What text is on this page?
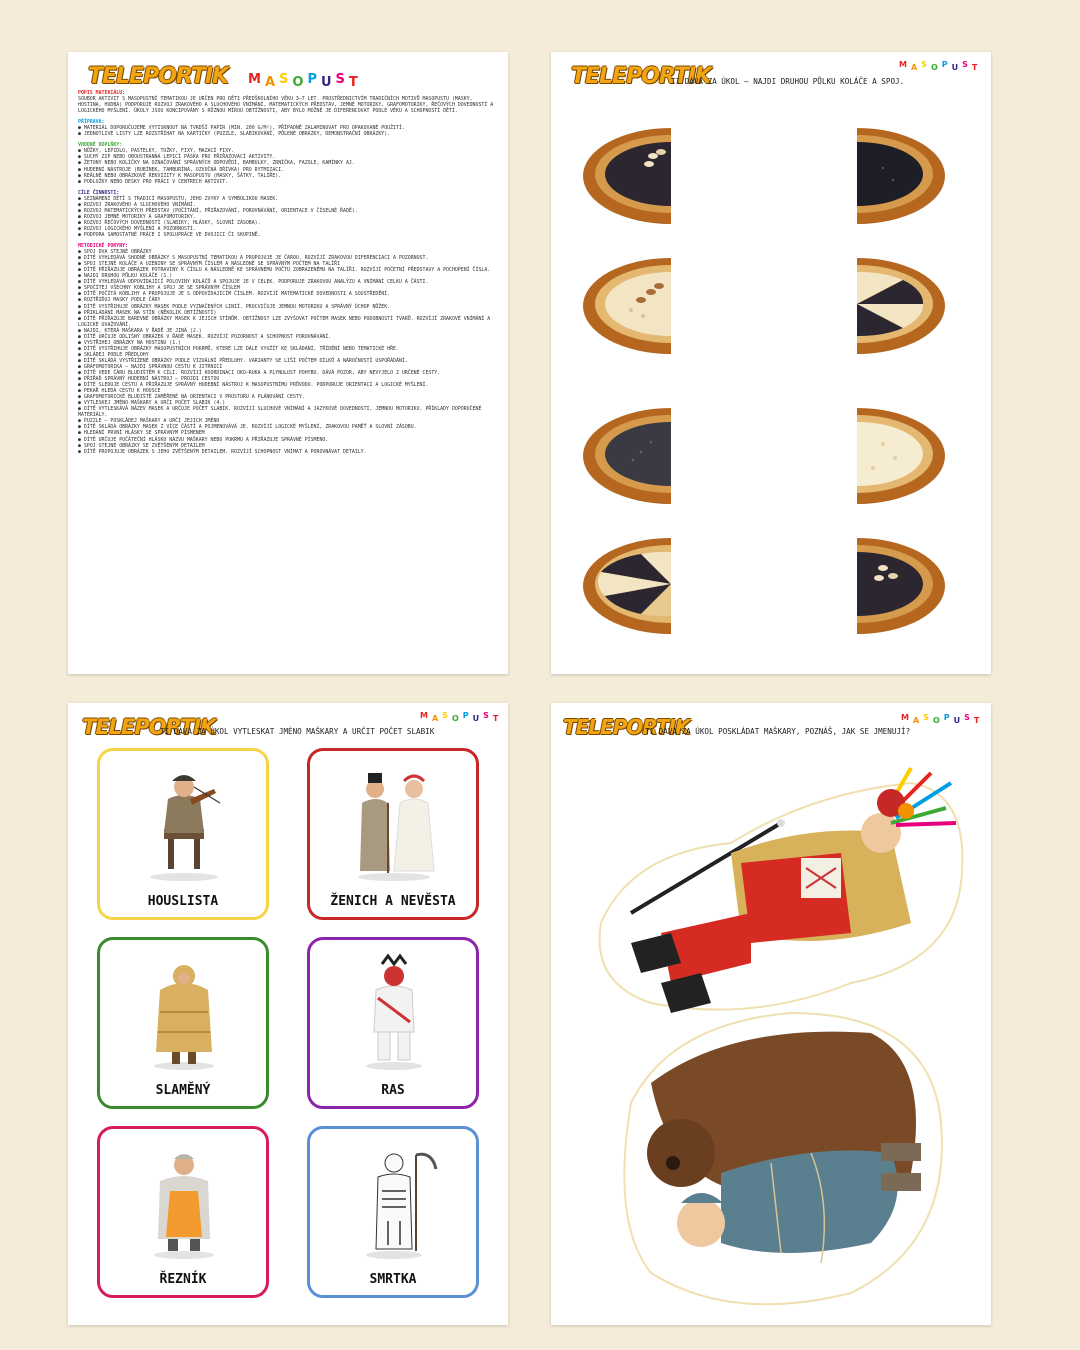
TELEPORTIK MASOPUST

POPIS MATERIÁLU:

SOUBOR AKTIVIT S MASOPUSTNÍ TEMATIKOU JE URČEN PRO DĚTI PŘEDŠKOLNÍHO VĚKU 3–7 LET. PROSTŘEDNICTVÍM TRADIČNÍCH MOTIVŮ MASOPUSTU (MASKY, HOSTINA, HUDBA) PODPORUJE ROZVOJ ZRAKOVÉHO A SLUCHOVÉHO VNÍMÁNÍ, MATEMATICKÝCH PŘEDSTAV, JEMNÉ MOTORIKY, GRAFOMOTORIKY, ŘEČOVÝCH DOVEDNOSTÍ A LOGICKÉHO MYŠLENÍ. ÚKOLY JSOU KONCIPOVÁNY S RŮZNOU MÍROU OBTÍŽNOSTI, ABY BYLO MOŽNÉ JE DIFERENCOVAT PODLE VĚKU A SCHOPNOSTÍ DĚTÍ.

PŘÍPRAVA:

● MATERIÁL DOPORUČUJEME VYTISKNOUT NA TVRDŠÍ PAPÍR (MIN. 200 G/M²), PŘÍPADNĚ ZALAMINOVAT PRO OPAKOVANÉ POUŽITÍ.

● JEDNOTLIVÉ LISTY LZE ROZSTŘÍHAT NA KARTIČKY (PUZZLE, SLABIKOVÁNÍ, PŮLENÉ OBRÁZKY, DEMONSTRAČNÍ OBRÁZKY).

VHODNÉ DOPLŇKY:

● NŮŽKY, LEPIDLO, PASTELKY, TUŽKY, FIXY, MAZACÍ FIXY.

● SUCHÝ ZIP NEBO OBOUSTRANNÁ LEPICÍ PÁSKA PRO PŘIŘAZOVACÍ AKTIVITY.

● ŽETONY NEBO KOLÍČKY NA OZNAČOVÁNÍ SPRÁVNÝCH ODPOVĚDÍ, BAMBULKY, ZRNÍČKA, FAZOLE, KAMÍNKY AJ.

● HUDEBNÍ NÁSTROJE (BUBÍNEK, TAMBURÍNA, OZVUČNÁ DŘÍVKA) PRO RYTMIZACI.

● REÁLNÉ NEBO OBRÁZKOVÉ REKVIZITY K MASOPUSTU (MASKY, ŠÁTKY, TALÍŘE).

● PODLOŽKY NEBO DESKY PRO PRÁCI V CENTRECH AKTIVIT.

CÍLE ČINNOSTI:

● SEZNÁMENÍ DĚTÍ S TRADICÍ MASOPUSTU, JEHO ZVYKY A SYMBOLIKOU MASEK.

● ROZVOJ ZRAKOVÉHO A SLUCHOVÉHO VNÍMÁNÍ.

● ROZVOJ MATEMATICKÝCH PŘEDSTAV (POČÍTÁNÍ, PŘIŘAZOVÁNÍ, POROVNÁVÁNÍ, ORIENTACE V ČÍSELNÉ ŘADĚ).

● ROZVOJ JEMNÉ MOTORIKY A GRAFOMOTORIKY.

● ROZVOJ ŘEČOVÝCH DOVEDNOSTÍ (SLABIKY, HLÁSKY, SLOVNÍ ZÁSOBA).

● ROZVOJ LOGICKÉHO MYŠLENÍ A POZORNOSTI.

● PODPORA SAMOSTATNÉ PRÁCE I SPOLUPRÁCE VE DVOJICI ČI SKUPINĚ.

METODICKÉ POKYNY:

● SPOJ DVA STEJNÉ OBRÁZKY

● DÍTĚ VYHLEDÁVÁ SHODNÉ OBRÁZKY S MASOPUSTNÍ TEMATIKOU A PROPOJUJE JE ČAROU. ROZVÍJÍ ZRAKOVOU DIFERENCIACI A POZORNOST.

● SPOJ STEJNÉ KOLÁČE A UZENINY SE SPRÁVNÝM ČÍSLEM A NÁSLEDNĚ SE SPRÁVNÝM POČTEM NA TALÍŘI

● DÍTĚ PŘIŘAZUJE OBRÁZEK POTRAVINY K ČÍSLU A NÁSLEDNĚ KE SPRÁVNÉMU POČTU ZOBRAZENÉMU NA TALÍŘI. ROZVÍJÍ POČETNÍ PŘEDSTAVY A POCHOPENÍ ČÍSLA.

● NAJDI DRUHOU PŮLKU KOLÁČE (1.)

● DÍTĚ VYHLEDÁVÁ ODPOVÍDAJÍCÍ POLOVINY KOLÁČŮ A SPOJUJE JE V CELEK. PODPORUJE ZRAKOVOU ANALÝZU A VNÍMÁNÍ CELKU A ČÁSTI.

● SPOČÍTEJ VŠECHNY KOBLIHY A SPOJ JE SE SPRÁVNÝM ČÍSLEM

● DÍTĚ POČÍTÁ KOBLIHY A PROPOJUJE JE S ODPOVÍDAJÍCÍM ČÍSLEM. ROZVÍJÍ MATEMATICKÉ DOVEDNOSTI A SOUSTŘEDĚNÍ.

● ROZTŘIĎUJ MASKY PODLE ČÁRY

● DÍTĚ VYSTŘIHUJE OBRÁZKY MASEK PODLE VYZNAČENÝCH LINIÍ. PROCVIČUJE JEMNOU MOTORIKU A SPRÁVNÝ ÚCHOP NŮŽEK.

● PŘIKLÁDÁNÍ MASEK NA STÍN (NĚKOLIK OBTÍŽNOSTÍ)

● DÍTĚ PŘIŘAZUJE BAREVNÉ OBRÁZKY MASEK K JEJICH STÍNŮM. OBTÍŽNOST LZE ZVYŠOVAT POČTEM MASEK NEBO PODOBNOSTÍ TVARŮ. ROZVÍJÍ ZRAKOVÉ VNÍMÁNÍ A LOGICKÉ UVAŽOVÁNÍ.

● NAJDI, KTERÁ MAŠKARA V ŘADĚ JE JINÁ (2.)

● DÍTĚ URČUJE ODLIŠNÝ OBRÁZEK V ŘADĚ MASEK. ROZVÍJÍ POZORNOST A SCHOPNOST POROVNÁVÁNÍ.

● VYSTŘIHEJ OBRÁZKY NA HOSTINU (1.)

● DÍTĚ VYSTŘIHUJE OBRÁZKY MASOPUSTNÍCH POKRMŮ, KTERÉ LZE DÁLE VYUŽÍT KE SKLÁDÁNÍ, TŘÍDĚNÍ NEBO TEMATICKÉ HŘE.

● SKLÁDEJ PODLE PŘEDLOHY

● DÍTĚ SKLÁDÁ VYSTŘIŽENÉ OBRÁZKY PODLE VIZUÁLNÍ PŘEDLOHY. VARIANTY SE LIŠÍ POČTEM DÍLKŮ A NÁROČNOSTÍ USPOŘÁDÁNÍ.

● GRAFOMOTORIKA – NAJDI SPRÁVNOU CESTU K JITRNICI

● DÍTĚ VEDE ČÁRU BLUDIŠTĚM K CÍLI. ROZVÍJÍ KOORDINACI OKO–RUKA A PLYNULOST POHYBU. DÁVÁ POZOR, ABY NEVYJELO Z URČENÉ CESTY.

● PŘIŘAĎ SPRÁVNÝ HUDEBNÍ NÁSTROJ – PROJDI CESTOU

● DÍTĚ SLEDUJE CESTU A PŘIŘAZUJE SPRÁVNÝ HUDEBNÍ NÁSTROJ K MASOPUSTNÍMU PRŮVODU. PODPORUJE ORIENTACI A LOGICKÉ MYŠLENÍ.

● PEKAŘ HLEDÁ CESTU K HOUSCE

● GRAFOMOTORICKÉ BLUDIŠTĚ ZAMĚŘENÉ NA ORIENTACI V PROSTORU A PLÁNOVÁNÍ CESTY.

● VYTLESKEJ JMÉNO MAŠKARY A URČI POČET SLABIK (4.)

● DÍTĚ VYTLESKÁVÁ NÁZEV MASEK A URČUJE POČET SLABIK. ROZVÍJÍ SLUCHOVÉ VNÍMÁNÍ A JAZYKOVÉ DOVEDNOSTI, JEMNOU MOTORIKU. PŘÍKLADY DOPORUČENÉ MATERIÁLY.

● PUZZLE – POSKLÁDEJ MAŠKARY A URČI JEJICH JMÉNO

● DÍTĚ SKLÁDÁ OBRÁZKY MASEK Z VÍCE ČÁSTÍ A POJMENOVÁVÁ JE. ROZVÍJÍ LOGICKÉ MYŠLENÍ, ZRAKOVOU PAMĚŤ A SLOVNÍ ZÁSOBU.

● HLEDÁNÍ PRVNÍ HLÁSKY SE SPRÁVNÝM PÍSMENEM

● DÍTĚ URČUJE POČÁTEČNÍ HLÁSKU NÁZVU MAŠKARY NEBO POKRMU A PŘIŘAZUJE SPRÁVNÉ PÍSMENO.

● SPOJ STEJNÉ OBRÁZKY SE ZVĚTŠENÝM DETAILEM

● DÍTĚ PROPOJUJE OBRÁZEK S JEHO ZVĚTŠENÝM DETAILEM. ROZVÍJÍ SCHOPNOST VNÍMAT A POROVNÁVAT DETAILY.

TELEPORTIK
TI DÁVÁ ZA ÚKOL – NAJDI DRUHOU PŮLKU KOLÁČE A SPOJ.
MASOPUST
TELEPORTIK
TI DÁVÁ ZA ÚKOL VYTLESKAT JMÉNO MAŠKARY A URČIT POČET SLABIK
MASOPUST
HOUSLISTA	ŽENICH A NEVĚSTA
SLAMĚNÝ	RAS
ŘEZNÍK	SMRTKA
TELEPORTIK
TI DÁVÁ ZA ÚKOL POSKLÁDAT MAŠKARY, POZNÁŠ, JAK SE JMENUJÍ?
MASOPUST
